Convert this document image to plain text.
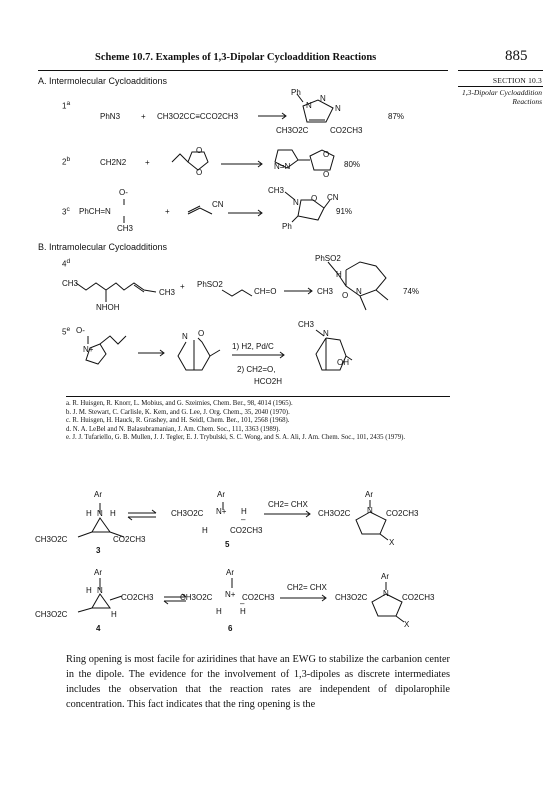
Scheme 10.7. Examples of 1,3-Dipolar Cycloaddition Reactions	885
SECTION 10.3
1,3-Dipolar Cycloaddition Reactions
A. Intermolecular Cycloadditions
B. Intramolecular Cycloadditions
1$^a$
2$^b$
3$^c$
4$^d$
5e
PhN3	+ CH3O2CC≡CCO2CH3
Ph
N
N
N
CH3O2C	CO2CH3
87%
CH2N2 +
O
O
N=N
O
O
80%
O-
PhCH=N
CH3
+
CN
CH3
N O CN
Ph
91%
CH3
NHOH
CH3
+ PhSO2
CH=O
PhSO2
H
CH3 O N	74%
O-
N+
N O
1) H2, Pd/C
2) CH2=O,
HCO2H
CH3
N
OH
a. R. Huisgen, R. Knorr, L. Mobius, and G. Szeimies, Chem. Ber., 98, 4014 (1965).
b. J. M. Stewart, C. Carlisle, K. Kem, and G. Lee, J. Org. Chem., 35, 2040 (1970).
c. R. Huisgen, H. Hauck, R. Grashey, and H. Seidl, Chem. Ber., 101, 2568 (1968).
d. N. A. LeBel and N. Balasubramanian, J. Am. Chem. Soc., 111, 3363 (1989).
e. J. J. Tufariello, G. B. Mullen, J. J. Tegler, E. J. Trybulski, S. C. Wong, and S. A. Ali, J. Am. Chem. Soc., 101, 2435 (1979).
Ar
H N H
CH3O2C	CO2CH3
3
Ar
CH3O2C N+ H
–
H	CO2CH3
5
CH2= CHX
Ar
CH3O2C N CO2CH3
X
Ar
H N
CO2CH3
CH3O2C	H
4
Ar
CH3O2C N+ CO2CH3
H H
–
6
CH2= CHX
Ar
CH3O2C N CO2CH3
X
Ring opening is most facile for aziridines that have an EWG to stabilize the carbanion center in the dipole. The evidence for the involvement of 1,3-dipoles as discrete intermediates includes the observation that the reaction rates are independent of dipolarophile concentration. This fact indicates that the ring opening is the
